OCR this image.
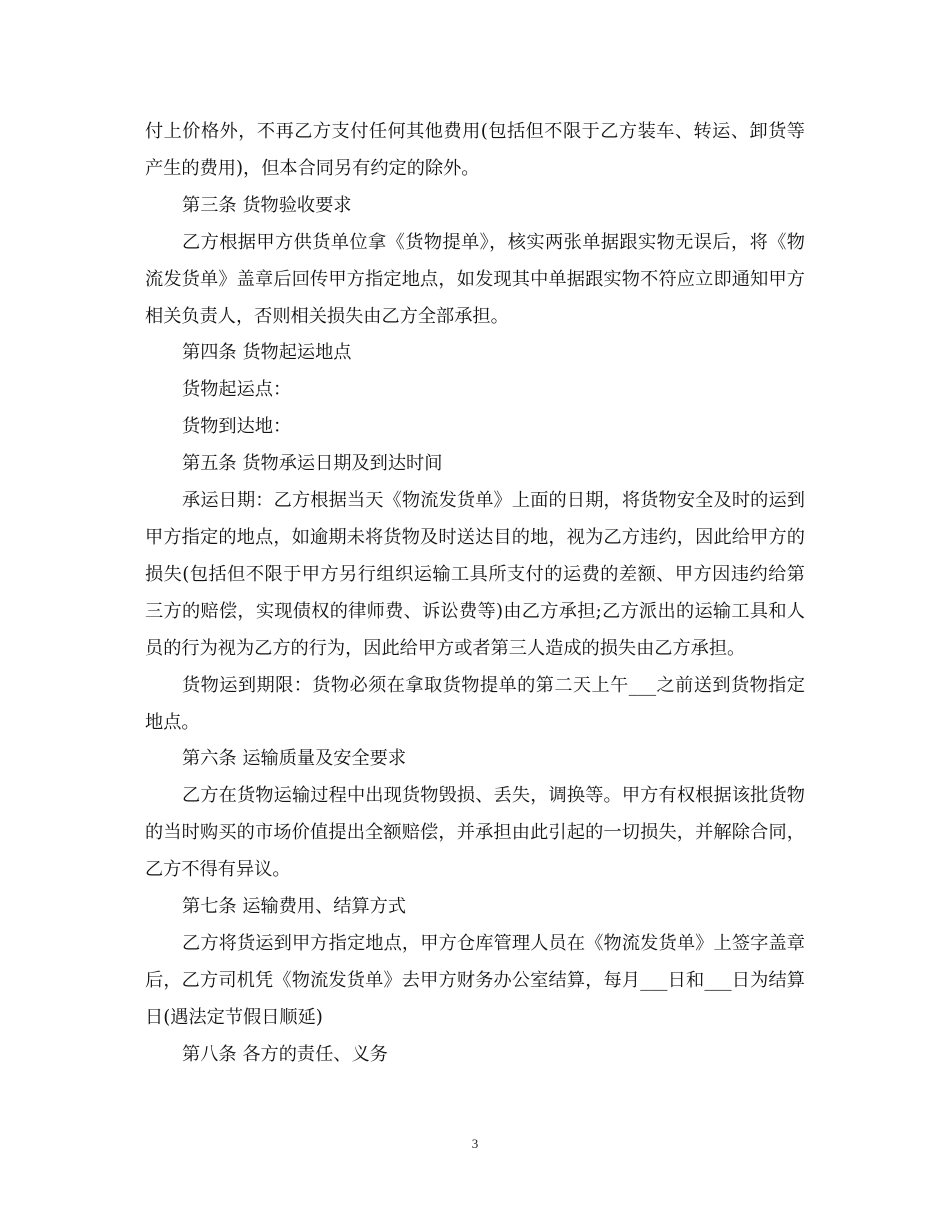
付上价格外，不再乙方支付任何其他费用(包括但不限于乙方装车、转运、卸货等产生的费用)，但本合同另有约定的除外。

第三条 货物验收要求

乙方根据甲方供货单位拿《货物提单》，核实两张单据跟实物无误后，将《物流发货单》盖章后回传甲方指定地点，如发现其中单据跟实物不符应立即通知甲方相关负责人，否则相关损失由乙方全部承担。

第四条 货物起运地点

货物起运点：

货物到达地：

第五条 货物承运日期及到达时间

承运日期：乙方根据当天《物流发货单》上面的日期，将货物安全及时的运到甲方指定的地点，如逾期未将货物及时送达目的地，视为乙方违约，因此给甲方的损失(包括但不限于甲方另行组织运输工具所支付的运费的差额、甲方因违约给第三方的赔偿，实现债权的律师费、诉讼费等)由乙方承担;乙方派出的运输工具和人员的行为视为乙方的行为，因此给甲方或者第三人造成的损失由乙方承担。

货物运到期限：货物必须在拿取货物提单的第二天上午___之前送到货物指定地点。

第六条 运输质量及安全要求

乙方在货物运输过程中出现货物毁损、丢失，调换等。甲方有权根据该批货物的当时购买的市场价值提出全额赔偿，并承担由此引起的一切损失，并解除合同，乙方不得有异议。

第七条 运输费用、结算方式

乙方将货运到甲方指定地点，甲方仓库管理人员在《物流发货单》上签字盖章后，乙方司机凭《物流发货单》去甲方财务办公室结算，每月___日和___日为结算日(遇法定节假日顺延)

第八条 各方的责任、义务

3
